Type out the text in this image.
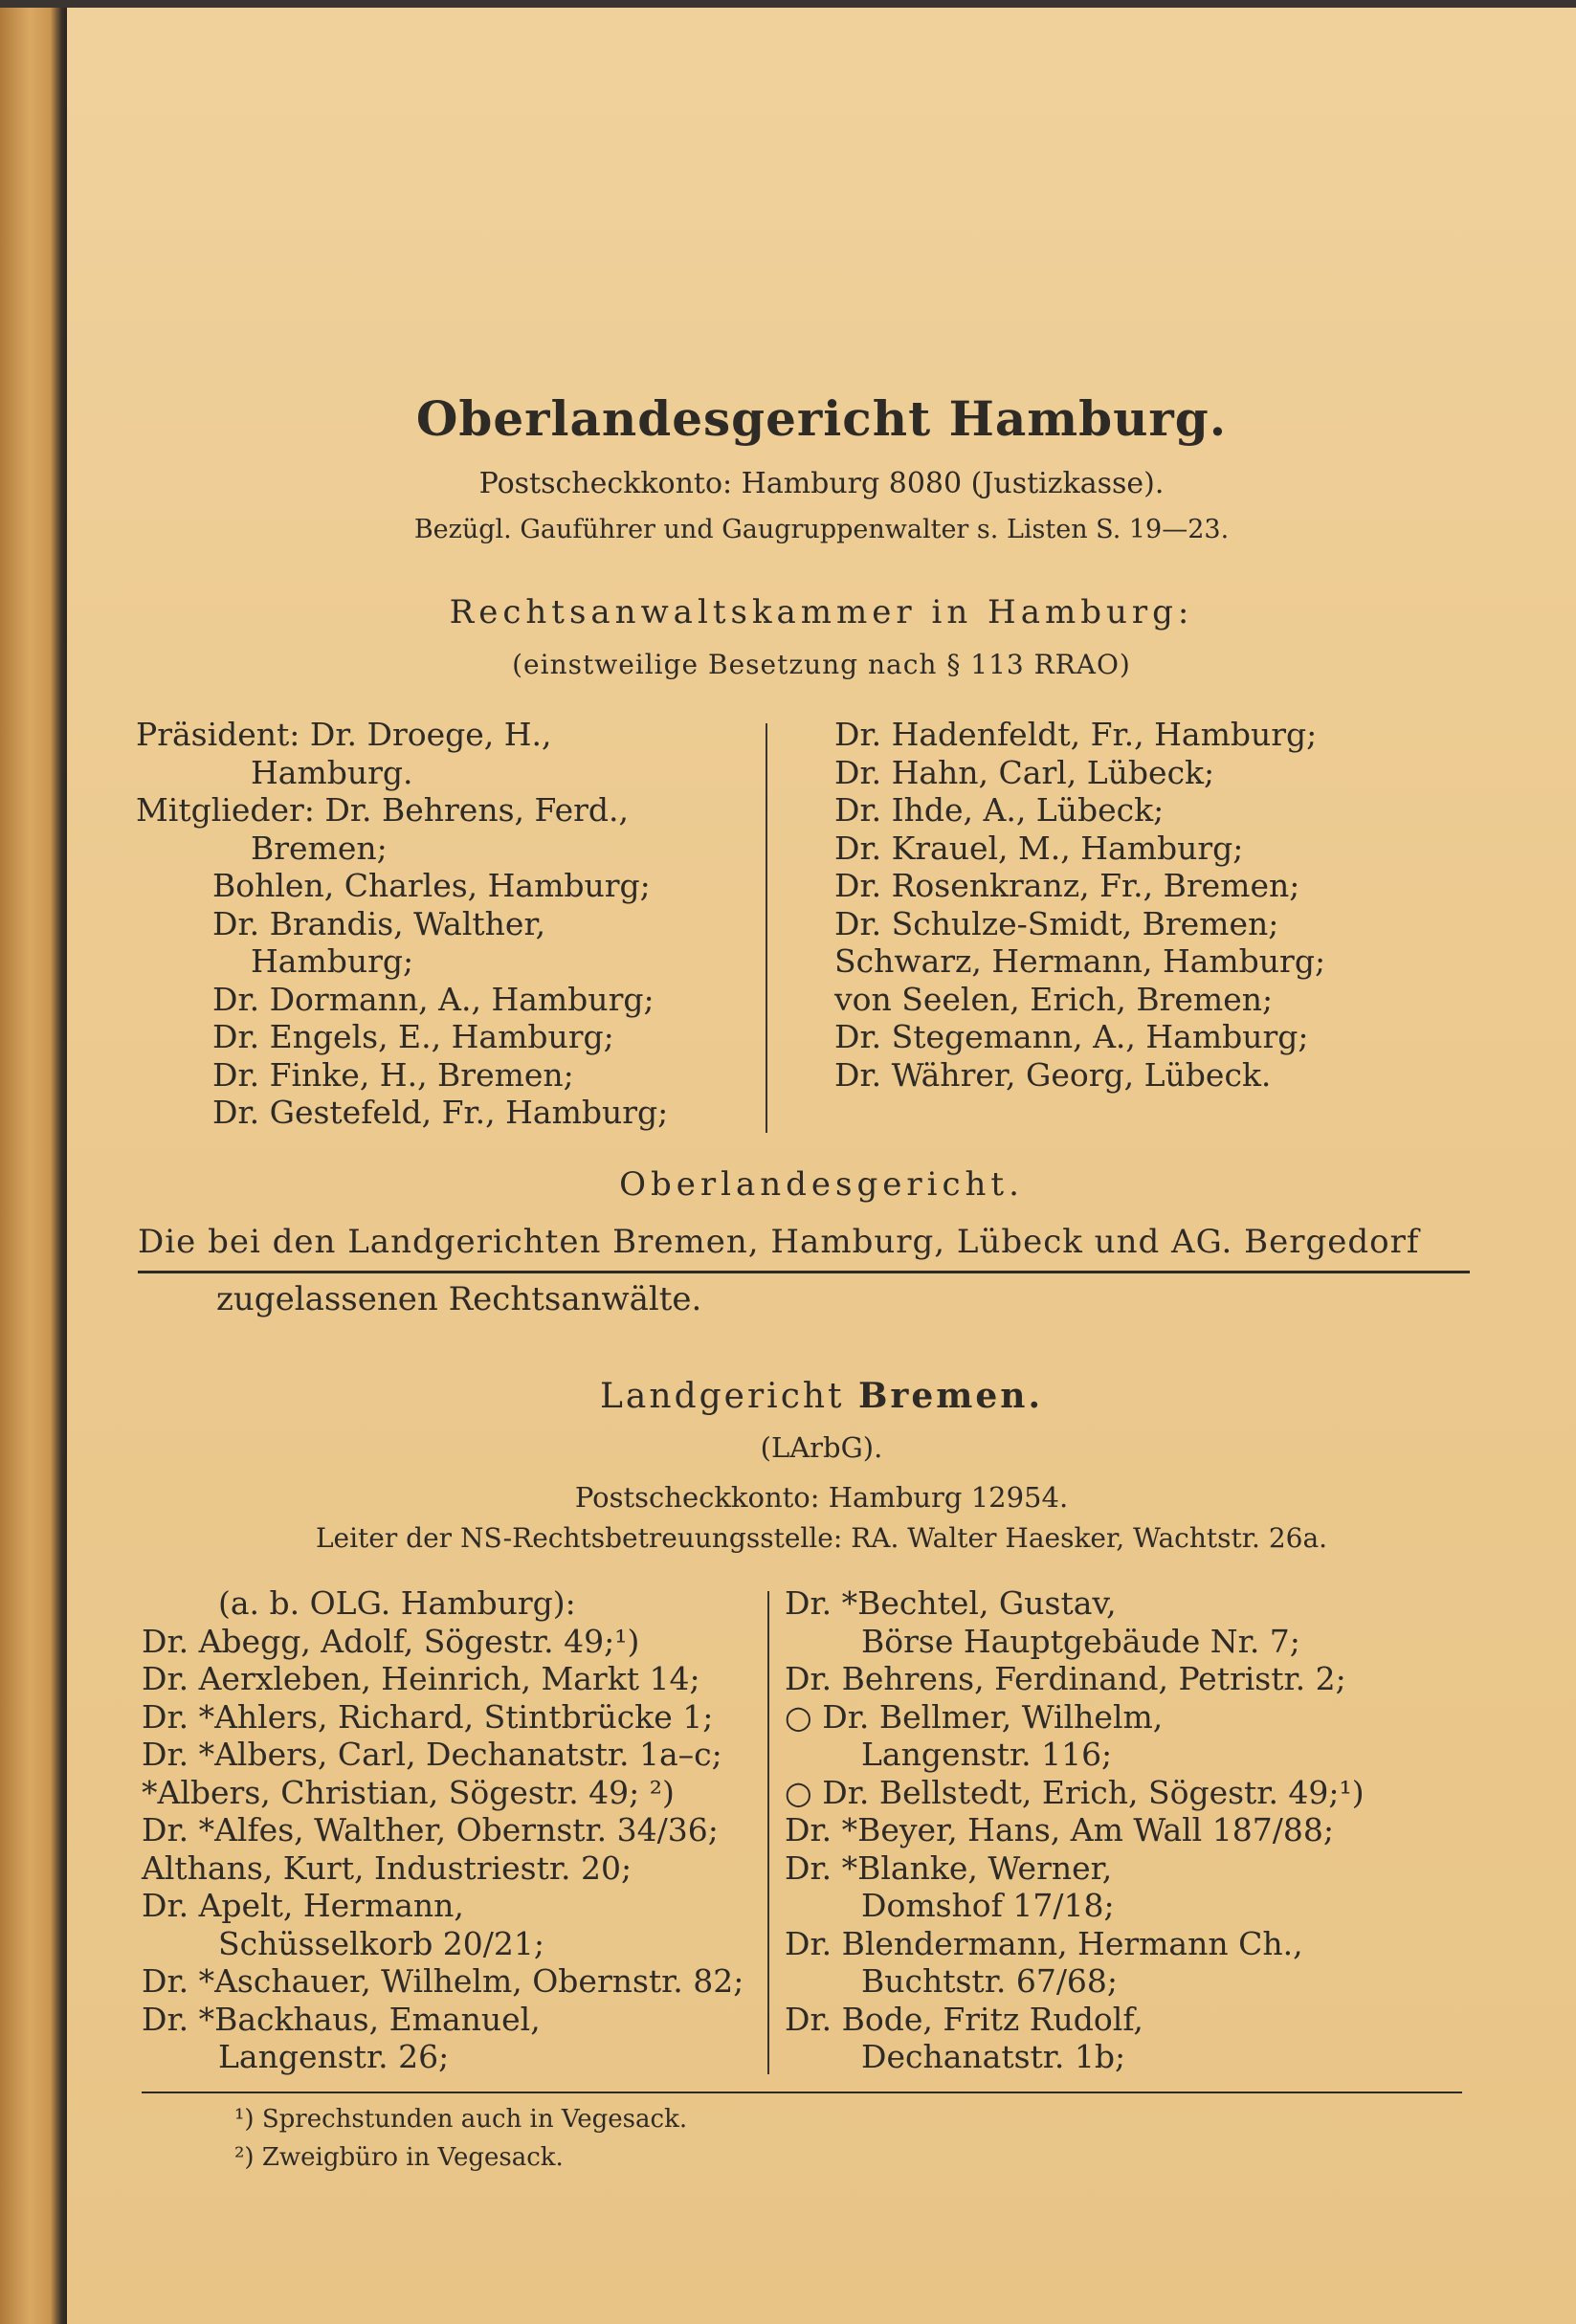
Oberlandesgericht Hamburg.
Postscheckkonto: Hamburg 8080 (Justizkasse).
Bezügl. Gauführer und Gaugruppenwalter s. Listen S. 19—23.
Rechtsanwaltskammer in Hamburg:
(einstweilige Besetzung nach § 113 RRAO)
Präsident: Dr. Droege, H.,
Hamburg.
Mitglieder: Dr. Behrens, Ferd.,
Bremen;
Bohlen, Charles, Hamburg;
Dr. Brandis, Walther,
Hamburg;
Dr. Dormann, A., Hamburg;
Dr. Engels, E., Hamburg;
Dr. Finke, H., Bremen;
Dr. Gestefeld, Fr., Hamburg;
Dr. Hadenfeldt, Fr., Hamburg;
Dr. Hahn, Carl, Lübeck;
Dr. Ihde, A., Lübeck;
Dr. Krauel, M., Hamburg;
Dr. Rosenkranz, Fr., Bremen;
Dr. Schulze-Smidt, Bremen;
Schwarz, Hermann, Hamburg;
von Seelen, Erich, Bremen;
Dr. Stegemann, A., Hamburg;
Dr. Währer, Georg, Lübeck.
Oberlandesgericht.
Die bei den Landgerichten Bremen, Hamburg, Lübeck und AG. Bergedorf
zugelassenen Rechtsanwälte.
Landgericht Bremen.
(LArbG).
Postscheckkonto: Hamburg 12954.
Leiter der NS-Rechtsbetreuungsstelle: RA. Walter Haesker, Wachtstr. 26a.
(a. b. OLG. Hamburg):
Dr. Abegg, Adolf, Sögestr. 49;¹)
Dr. Aerxleben, Heinrich, Markt 14;
Dr. *Ahlers, Richard, Stintbrücke 1;
Dr. *Albers, Carl, Dechanatstr. 1a–c;
*Albers, Christian, Sögestr. 49; ²)
Dr. *Alfes, Walther, Obernstr. 34/36;
Althans, Kurt, Industriestr. 20;
Dr. Apelt, Hermann,
Schüsselkorb 20/21;
Dr. *Aschauer, Wilhelm, Obernstr. 82;
Dr. *Backhaus, Emanuel,
Langenstr. 26;
Dr. *Bechtel, Gustav,
Börse Hauptgebäude Nr. 7;
Dr. Behrens, Ferdinand, Petristr. 2;
○ Dr. Bellmer, Wilhelm,
Langenstr. 116;
○ Dr. Bellstedt, Erich, Sögestr. 49;¹)
Dr. *Beyer, Hans, Am Wall 187/88;
Dr. *Blanke, Werner,
Domshof 17/18;
Dr. Blendermann, Hermann Ch.,
Buchtstr. 67/68;
Dr. Bode, Fritz Rudolf,
Dechanatstr. 1b;
¹) Sprechstunden auch in Vegesack.
²) Zweigbüro in Vegesack.
